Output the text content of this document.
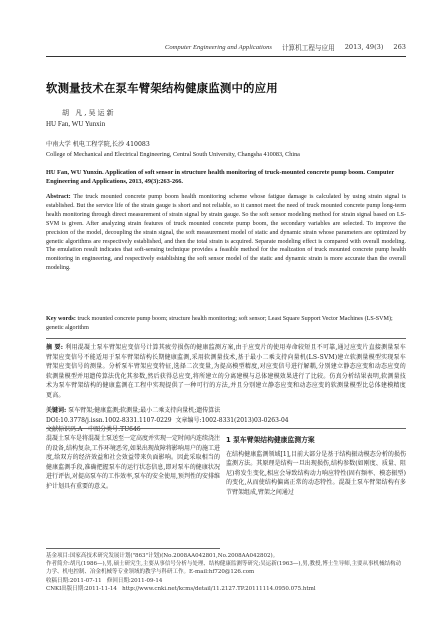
Computer Engineering and Applications 计算机工程与应用 2013, 49(3) 263
软测量技术在泵车臂架结构健康监测中的应用
胡 凡,吴运新
HU Fan, WU Yunxin
中南大学 机电工程学院,长沙 410083
College of Mechanical and Electrical Engineering, Central South University, Changsha 410083, China
HU Fan, WU Yunxin. Application of soft sensor in structure health monitoring of truck-mounted concrete pump boom. Computer Engineering and Applications, 2013, 49(3):263-266.
Abstract: The truck mounted concrete pump boom health monitoring scheme whose fatigue damage is calculated by using strain signal is established. But the service life of the strain gauge is short and not reliable, so it cannot meet the need of truck mounted concrete pump long-term health monitoring through direct measurement of strain signal by strain gauge. So the soft sensor modeling method for strain signal based on LS-SVM is given. After analyzing strain features of truck mounted concrete pump boom, the secondary variables are selected. To improve the precision of the model, decoupling the strain signal, the soft measurement model of static and dynamic strain whose parameters are optimized by genetic algorithms are respectively established, and then the total strain is acquired. Separate modeling effect is compared with overall modeling. The emulation result indicates that soft-sensing technique provides a feasible method for the realization of truck mounted concrete pump health monitoring in engineering, and respectively establishing the soft sensor model of the static and dynamic strain is more accurate than the overall modeling.
Key words: truck mounted concrete pump boom; structure health monitoring; soft sensor; Least Square Support Vector Machines (LS-SVM); genetic algorithm
摘 要: 利用混凝土泵车臂架应变信号计算其疲劳损伤的健康监测方案,由于应变片的使用寿命较短且不可靠,通过应变片直接测量泵车臂架应变信号不能适用于泵车臂架结构长期健康监测,采用软测量技术,基于最小二乘支持向量机(LS-SVM)建立软测量模型实现泵车臂架应变信号的测量。分析泵车臂架应变特征,选择二次变量,为提高模型精度,对应变信号进行解耦,分别建立静态应变和动态应变的软测量模型并用遗传算法优化其参数,然后获得总应变,将所建立的分离建模与总体建模效果进行了比较。仿真分析结果表明,软测量技术为泵车臂架结构的健康监测在工程中实现提供了一种可行的方法,并且分别建立静态应变和动态应变的软测量模型比总体建模精度更高。
关键词: 泵车臂架;健康监测;软测量;最小二乘支持向量机;遗传算法
DOI:10.3778/j.issn.1002-8331.1107-0229 文章编号:1002-8331(2013)03-0263-04
文献标识码:A 中图分类号:TU646
混凝土泵车是将混凝土泵送至一定高度并实现一定时间内连续浇注的设备,结构复杂,工作环境恶劣,如果出现故障将影响用户的施工进度,给双方的经济效益和社会效益带来负面影响。因此采取相当的健康监测手段,准确把握泵车的运行状态信息,即对泵车的健康状况进行评估,对提高泵车的工作效率,泵车的安全使用,预判性的安排维护计划具有重要的意义。
1 泵车臂架结构健康监测方案
在结构健康监测领域[1],目前大部分是基于结构振动模态分析的损伤监测方法。其原理是结构一旦出现损伤,结构参数(如刚度、质量、阻尼)将发生变化,相应会导致结构动力响应特性(固有频率、模态振型)的变化,从而使结构偏离正常的动态特性。混凝土泵车臂架结构有多节臂架组成,臂架之间通过
基金项目:国家高技术研究发展计划("863"计划)(No.2008AA042801,No.2008AA042802)。
作者简介:胡凡(1986—),男,硕士研究生,主要从事信号分析与处理、结构健康监测等研究;吴运新(1963—),男,教授,博士生导师,主要从事机械结构动力学、机电控制、冶金机械等专业领域的教学与科研工作。E-mail:hf720@126.com
收稿日期:2011-07-11 修回日期:2011-09-14
CNKI出版日期:2011-11-14 http://www.cnki.net/kcms/detail/11.2127.TP.20111114.0950.075.html
